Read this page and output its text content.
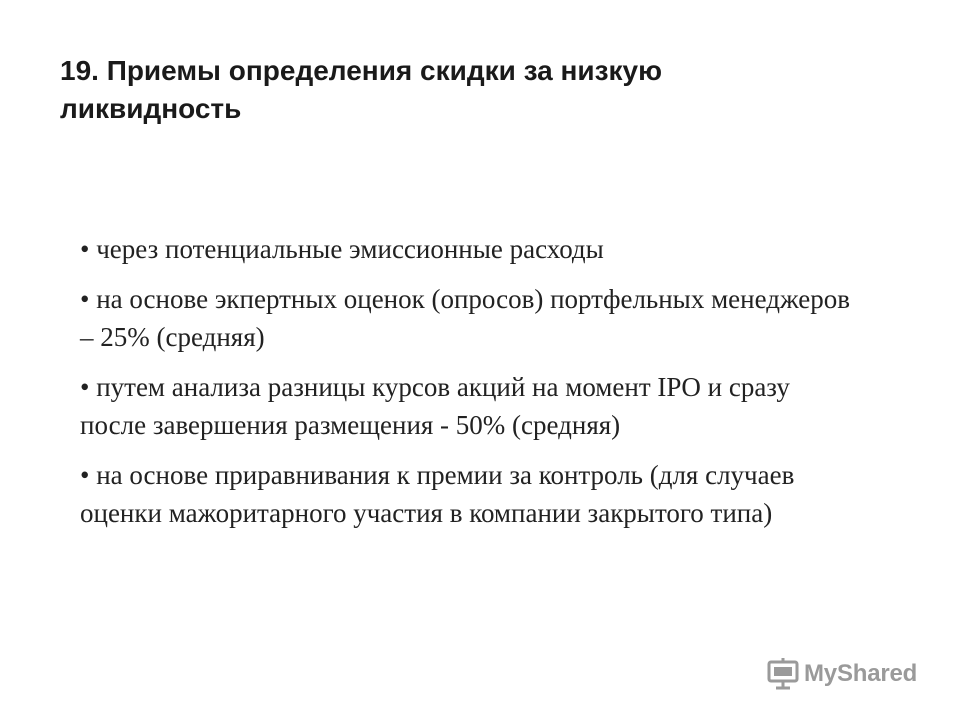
19. Приемы определения скидки за низкую ликвидность
• через потенциальные эмиссионные расходы
• на основе экпертных оценок (опросов) портфельных менеджеров – 25% (средняя)
• путем анализа разницы курсов акций на момент IPO и сразу после завершения размещения - 50% (средняя)
• на основе приравнивания к премии за контроль (для случаев оценки мажоритарного участия в компании закрытого типа)
MyShared
